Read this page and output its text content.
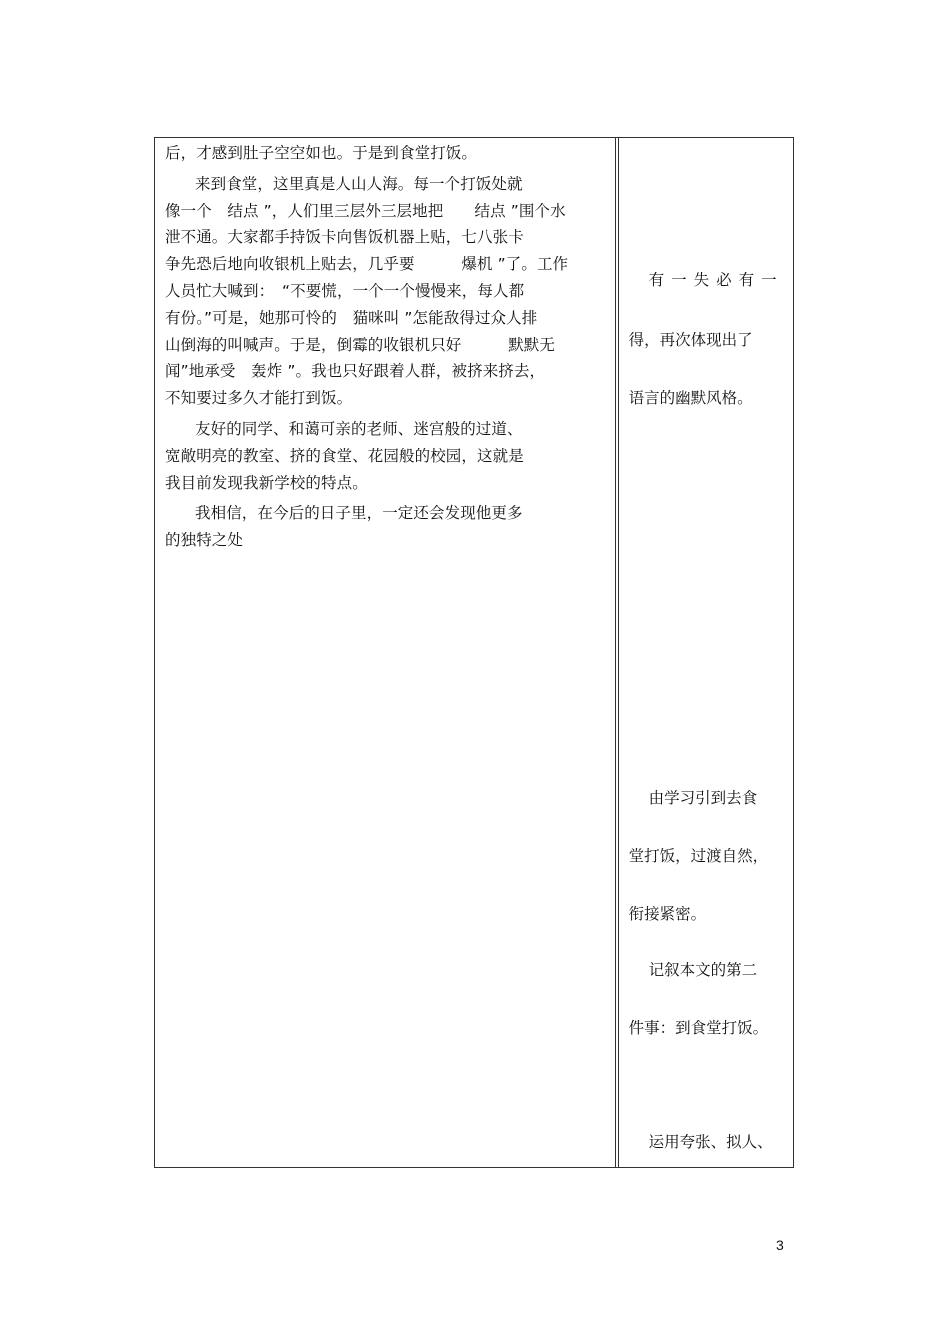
后，才感到肚子空空如也。于是到食堂打饭。
来到食堂，这里真是人山人海。每一个打饭处就
像一个　结点 ”，人们里三层外三层地把　　结点 ”围个水
泄不通。大家都手持饭卡向售饭机器上贴，七八张卡
争先恐后地向收银机上贴去，几乎要　　　爆机 ”了。工作
人员忙大喊到：　“不要慌，一个一个慢慢来，每人都
有份。”可是，她那可怜的　猫咪叫 ”怎能敌得过众人排
山倒海的叫喊声。于是，倒霉的收银机只好　　　默默无
闻”地承受　轰炸 ”。我也只好跟着人群，被挤来挤去，
不知要过多久才能打到饭。
友好的同学、和蔼可亲的老师、迷宫般的过道、
宽敞明亮的教室、挤的食堂、花园般的校园，这就是
我目前发现我新学校的特点。
我相信，在今后的日子里，一定还会发现他更多
的独特之处
有一失必有一
得，再次体现出了
语言的幽默风格。
由学习引到去食
堂打饭，过渡自然，
衔接紧密。
记叙本文的第二
件事：到食堂打饭。
运用夸张、拟人、
3
